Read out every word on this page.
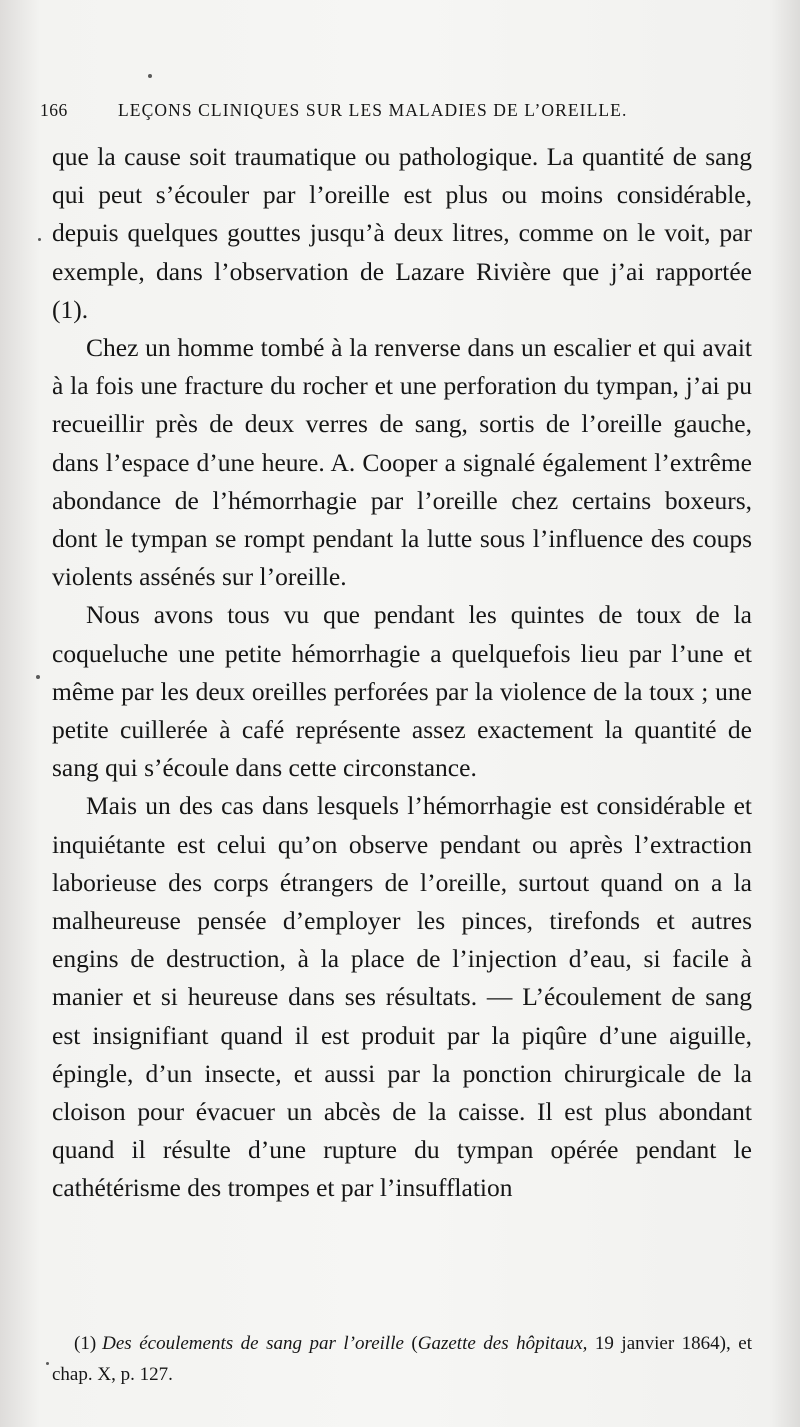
166	LEÇONS CLINIQUES SUR LES MALADIES DE L’OREILLE.

que la cause soit traumatique ou pathologique. La quantité de sang qui peut s’écouler par l’oreille est plus ou moins considérable, depuis quelques gouttes jusqu’à deux litres, comme on le voit, par exemple, dans l’observation de Lazare Rivière que j’ai rapportée (1).

Chez un homme tombé à la renverse dans un escalier et qui avait à la fois une fracture du rocher et une perforation du tympan, j’ai pu recueillir près de deux verres de sang, sortis de l’oreille gauche, dans l’espace d’une heure. A. Cooper a signalé également l’extrême abondance de l’hémorrhagie par l’oreille chez certains boxeurs, dont le tympan se rompt pendant la lutte sous l’influence des coups violents assénés sur l’oreille.

Nous avons tous vu que pendant les quintes de toux de la coqueluche une petite hémorrhagie a quelquefois lieu par l’une et même par les deux oreilles perforées par la violence de la toux ; une petite cuillerée à café représente assez exactement la quantité de sang qui s’écoule dans cette circonstance.

Mais un des cas dans lesquels l’hémorrhagie est considérable et inquiétante est celui qu’on observe pendant ou après l’extraction laborieuse des corps étrangers de l’oreille, surtout quand on a la malheureuse pensée d’employer les pinces, tirefonds et autres engins de destruction, à la place de l’injection d’eau, si facile à manier et si heureuse dans ses résultats. — L’écoulement de sang est insignifiant quand il est produit par la piqûre d’une aiguille, épingle, d’un insecte, et aussi par la ponction chirurgicale de la cloison pour évacuer un abcès de la caisse. Il est plus abondant quand il résulte d’une rupture du tympan opérée pendant le cathétérisme des trompes et par l’insufflation

(1) Des écoulements de sang par l’oreille (Gazette des hôpitaux, 19 janvier 1864), et chap. X, p. 127.
